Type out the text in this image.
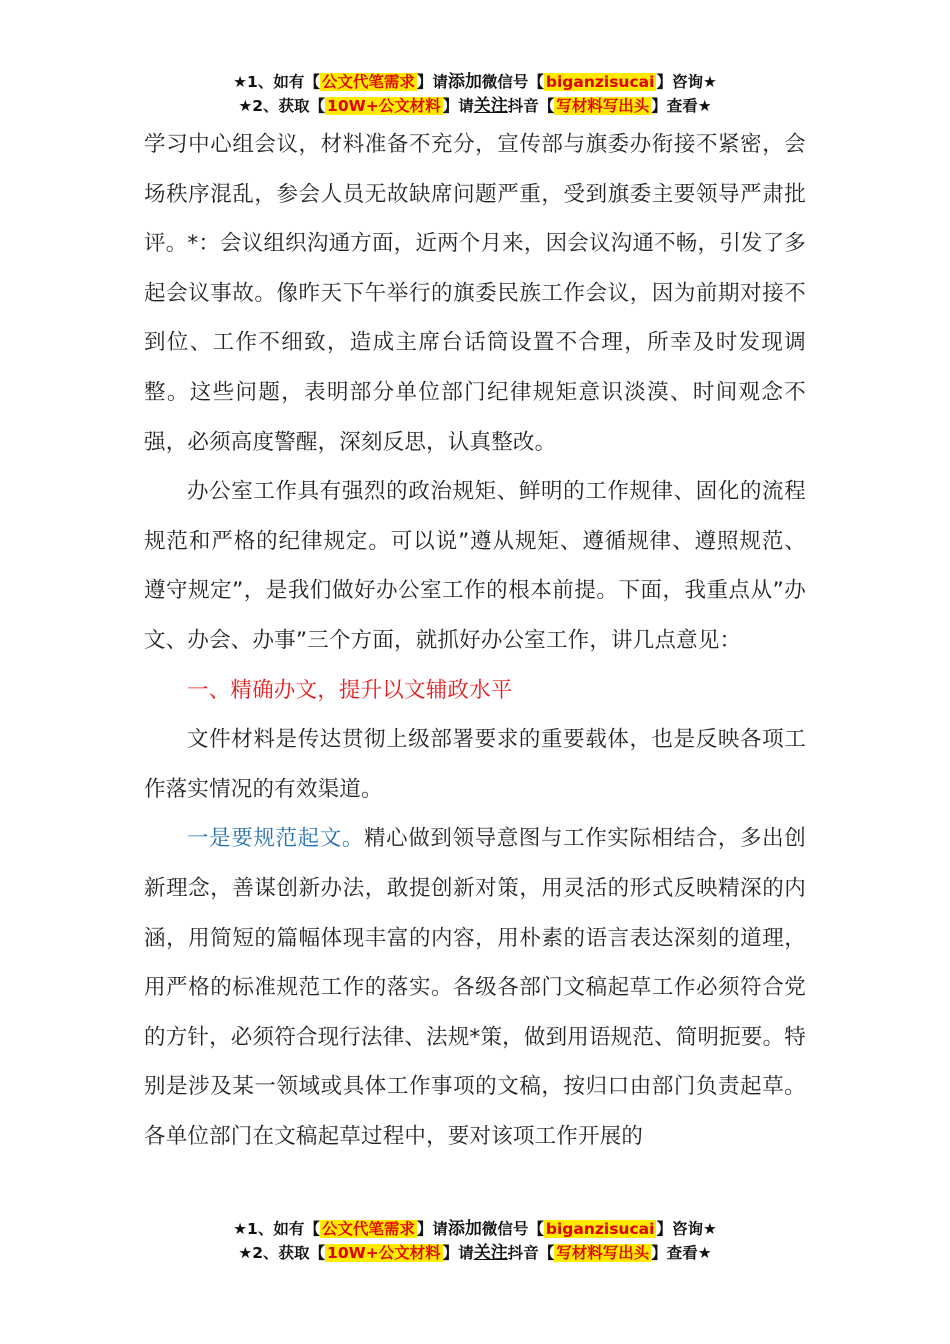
★1、如有【 公文代笔需求 】请添加微信号【 biganzisucai 】咨询★
★2、获取【 10W+公文材料 】请关注抖音【 写材料写出头 】查看★

学习中心组会议，材料准备不充分，宣传部与旗委办衔接不紧密，会场秩序混乱，参会人员无故缺席问题严重，受到旗委主要领导严肃批评。*：会议组织沟通方面，近两个月来，因会议沟通不畅，引发了多起会议事故。像昨天下午举行的旗委民族工作会议，因为前期对接不到位、工作不细致，造成主席台话筒设置不合理，所幸及时发现调整。这些问题，表明部分单位部门纪律规矩意识淡漠、时间观念不强，必须高度警醒，深刻反思，认真整改。

办公室工作具有强烈的政治规矩、鲜明的工作规律、固化的流程规范和严格的纪律规定。可以说”遵从规矩、遵循规律、遵照规范、遵守规定”，是我们做好办公室工作的根本前提。下面，我重点从”办文、办会、办事”三个方面，就抓好办公室工作，讲几点意见：

一、精确办文，提升以文辅政水平

文件材料是传达贯彻上级部署要求的重要载体，也是反映各项工作落实情况的有效渠道。

一是要规范起文。精心做到领导意图与工作实际相结合，多出创新理念，善谋创新办法，敢提创新对策，用灵活的形式反映精深的内涵，用简短的篇幅体现丰富的内容，用朴素的语言表达深刻的道理，用严格的标准规范工作的落实。各级各部门文稿起草工作必须符合党的方针，必须符合现行法律、法规*策，做到用语规范、简明扼要。特别是涉及某一领域或具体工作事项的文稿，按归口由部门负责起草。各单位部门在文稿起草过程中，要对该项工作开展的

★1、如有【 公文代笔需求 】请添加微信号【 biganzisucai 】咨询★
★2、获取【 10W+公文材料 】请关注抖音【 写材料写出头 】查看★
